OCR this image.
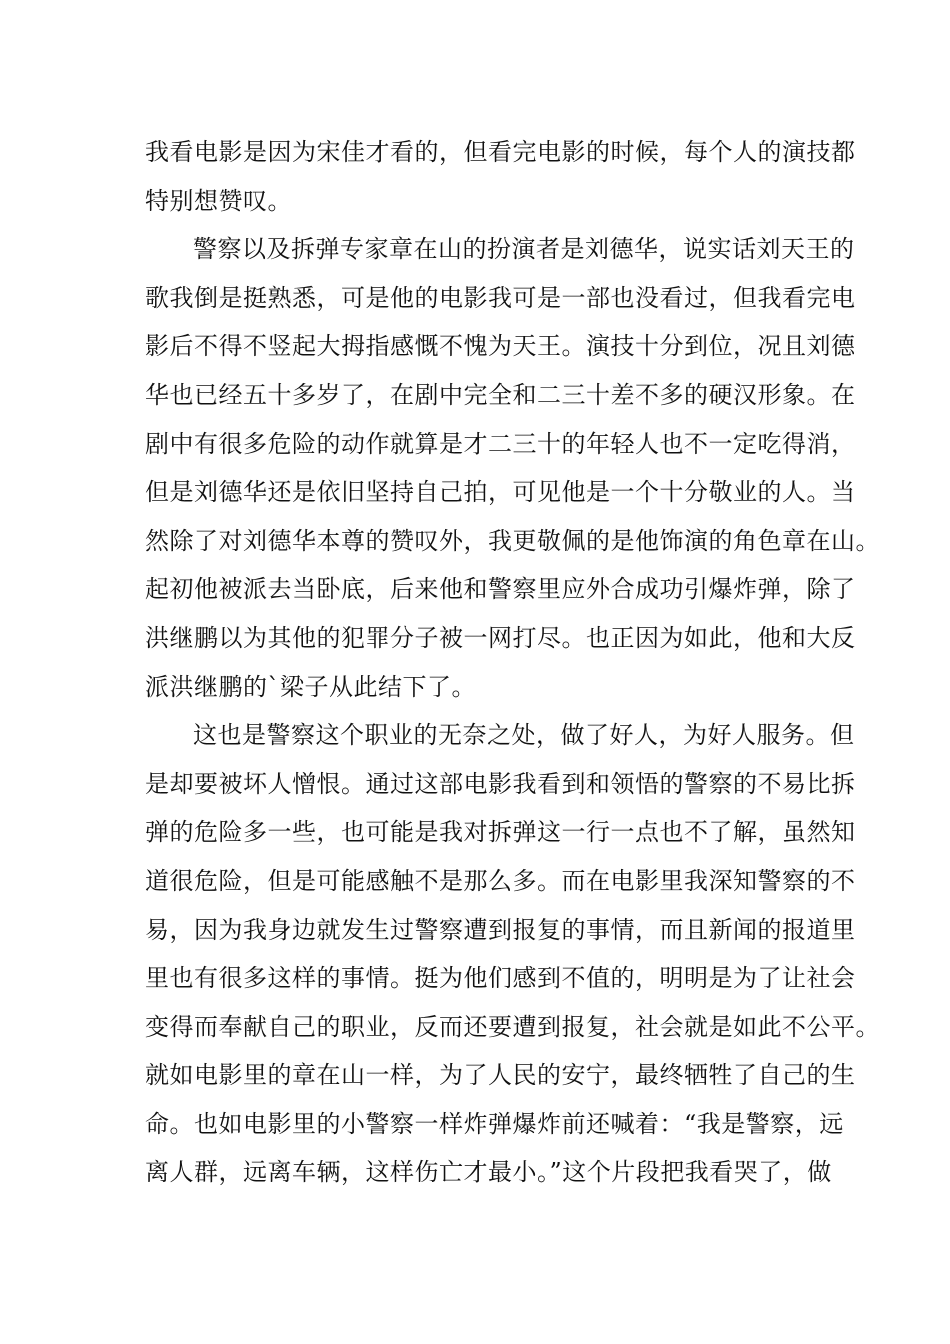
我看电影是因为宋佳才看的，但看完电影的时候，每个人的演技都
特别想赞叹。
警察以及拆弹专家章在山的扮演者是刘德华，说实话刘天王的
歌我倒是挺熟悉，可是他的电影我可是一部也没看过，但我看完电
影后不得不竖起大拇指感慨不愧为天王。演技十分到位，况且刘德
华也已经五十多岁了，在剧中完全和二三十差不多的硬汉形象。在
剧中有很多危险的动作就算是才二三十的年轻人也不一定吃得消，
但是刘德华还是依旧坚持自己拍，可见他是一个十分敬业的人。当
然除了对刘德华本尊的赞叹外，我更敬佩的是他饰演的角色章在山。
起初他被派去当卧底，后来他和警察里应外合成功引爆炸弹，除了
洪继鹏以为其他的犯罪分子被一网打尽。也正因为如此，他和大反
派洪继鹏的`梁子从此结下了。
这也是警察这个职业的无奈之处，做了好人，为好人服务。但
是却要被坏人憎恨。通过这部电影我看到和领悟的警察的不易比拆
弹的危险多一些，也可能是我对拆弹这一行一点也不了解，虽然知
道很危险，但是可能感触不是那么多。而在电影里我深知警察的不
易，因为我身边就发生过警察遭到报复的事情，而且新闻的报道里
里也有很多这样的事情。挺为他们感到不值的，明明是为了让社会
变得而奉献自己的职业，反而还要遭到报复，社会就是如此不公平。
就如电影里的章在山一样，为了人民的安宁，最终牺牲了自己的生
命。也如电影里的小警察一样炸弹爆炸前还喊着：“我是警察，远
离人群，远离车辆，这样伤亡才最小。”这个片段把我看哭了，做
